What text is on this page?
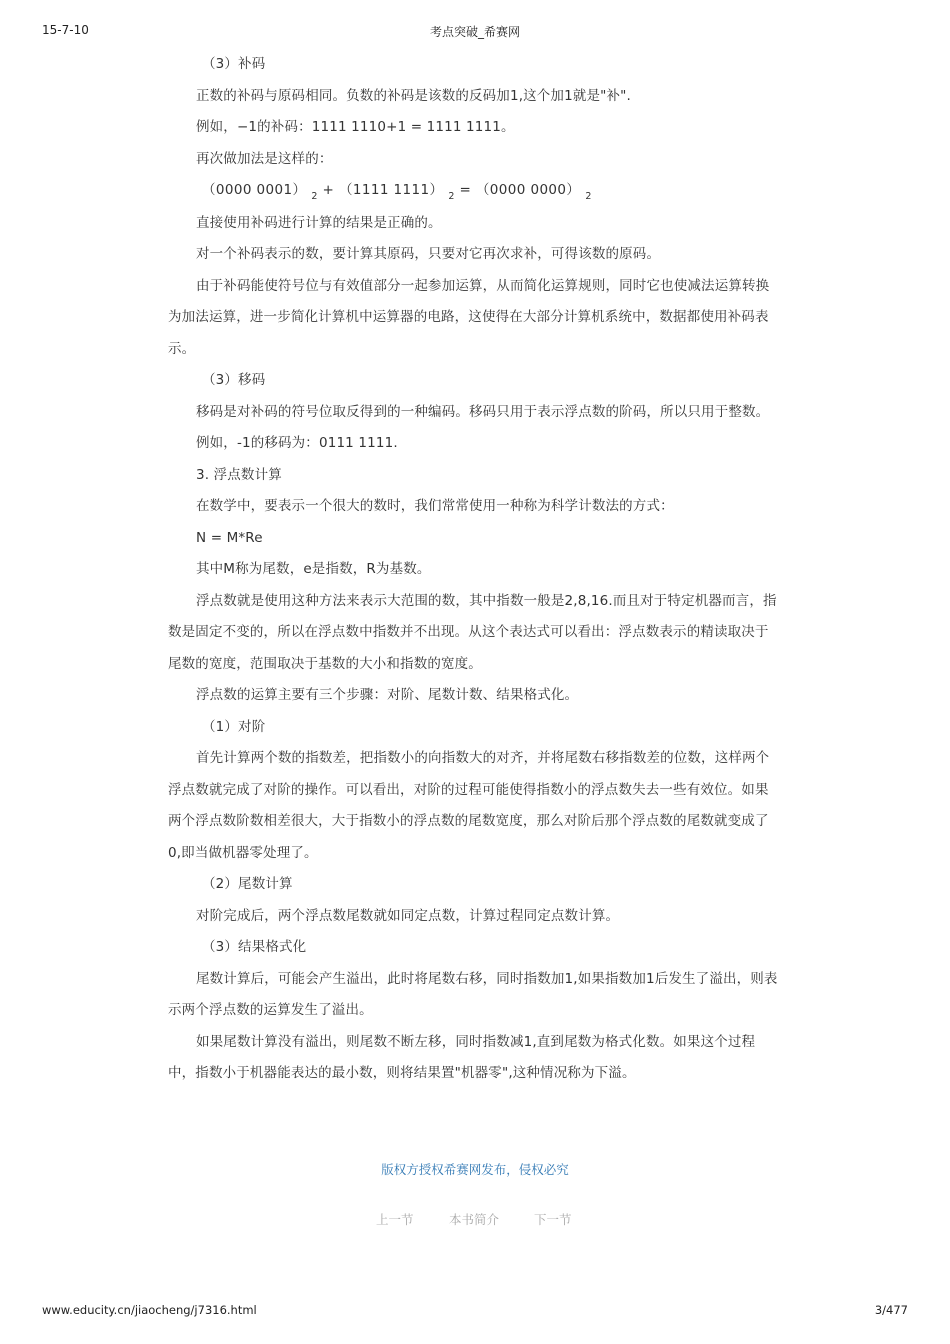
15-7-10	考点突破_希赛网

（3）补码

正数的补码与原码相同。负数的补码是该数的反码加1,这个加1就是"补".

例如，−1的补码：1111 1110+1 = 1111 1111。

再次做加法是这样的：

（0000 0001） $_2$ + （1111 1111） $_2$ = （0000 0000） $_2$

直接使用补码进行计算的结果是正确的。

对一个补码表示的数，要计算其原码，只要对它再次求补，可得该数的原码。

由于补码能使符号位与有效值部分一起参加运算，从而简化运算规则，同时它也使减法运算转换为加法运算，进一步简化计算机中运算器的电路，这使得在大部分计算机系统中，数据都使用补码表示。

（3）移码

移码是对补码的符号位取反得到的一种编码。移码只用于表示浮点数的阶码，所以只用于整数。

例如，-1的移码为：0111 1111.

3. 浮点数计算

在数学中，要表示一个很大的数时，我们常常使用一种称为科学计数法的方式：

N = M*Re

其中M称为尾数，e是指数，R为基数。

浮点数就是使用这种方法来表示大范围的数，其中指数一般是2,8,16.而且对于特定机器而言，指数是固定不变的，所以在浮点数中指数并不出现。从这个表达式可以看出：浮点数表示的精读取决于尾数的宽度，范围取决于基数的大小和指数的宽度。

浮点数的运算主要有三个步骤：对阶、尾数计数、结果格式化。

（1）对阶

首先计算两个数的指数差，把指数小的向指数大的对齐，并将尾数右移指数差的位数，这样两个浮点数就完成了对阶的操作。可以看出，对阶的过程可能使得指数小的浮点数失去一些有效位。如果两个浮点数阶数相差很大，大于指数小的浮点数的尾数宽度，那么对阶后那个浮点数的尾数就变成了0,即当做机器零处理了。

（2）尾数计算

对阶完成后，两个浮点数尾数就如同定点数，计算过程同定点数计算。

（3）结果格式化

尾数计算后，可能会产生溢出，此时将尾数右移，同时指数加1,如果指数加1后发生了溢出，则表示两个浮点数的运算发生了溢出。

如果尾数计算没有溢出，则尾数不断左移，同时指数减1,直到尾数为格式化数。如果这个过程中，指数小于机器能表达的最小数，则将结果置"机器零",这种情况称为下溢。

版权方授权希赛网发布，侵权必究
上一节	本书简介	下一节
www.educity.cn/jiaocheng/j7316.html	3/477
